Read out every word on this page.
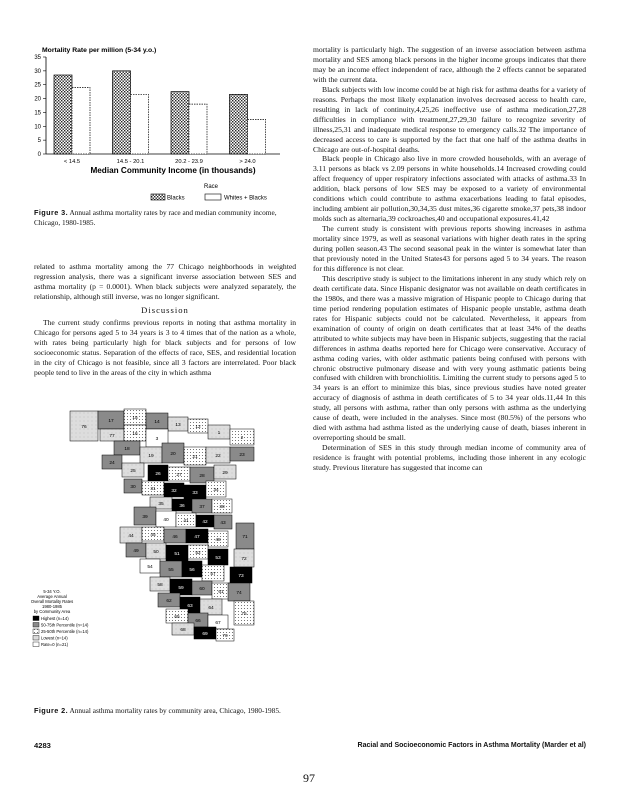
Mortality Rate per million (5-34 y.o.)
0
5
10
15
20
25
30
35
< 14.5	14.5 - 20.1	20.2 - 23.9	> 24.0
Median Community Income (in thousands)
Race
Blacks	Whites + Blacks
Figure 3. Annual asthma mortality rates by race and median community income, Chicago, 1980-1985.

related to asthma mortality among the 77 Chicago neighborhoods in weighted regression analysis, there was a significant inverse association between SES and asthma mortality (p = 0.0001). When black subjects were analyzed separately, the relationship, although still inverse, was no longer significant.

Discussion

The current study confirms previous reports in noting that asthma mortality in Chicago for persons aged 5 to 34 years is 3 to 4 times that of the nation as a whole, with rates being particularly high for black subjects and for persons of low socioeconomic status. Separation of the effects of race, SES, and residential location in the city of Chicago is not feasible, since all 3 factors are interrelated. Poor black people tend to live in the areas of the city in which asthma

76
17
15
14
13	12
1
2
77	16
3
18
19	20
21	22	23
24
25
26	27	28
29
30	31	32	33
34
35	36	37	38
39
40	41	42	43
44	45	46	47
48
49	50	51	52
53
54
55	56
57
58
59	60
61
62
63	64
65
66	67
68
69	70
71
72
73
74
75
5-34 Y.O.
Average Annual
Overall Mortality Rates
1980-1985
by Community Area
Highest (n=14)
50-75th Percentile (n=14)
25-50th Percentile (n=14)
Lowest (n=14)
Rate=0 (n=21)
Figure 2. Annual asthma mortality rates by community area, Chicago, 1980-1985.

mortality is particularly high. The suggestion of an inverse association between asthma mortality and SES among black persons in the higher income groups indicates that there may be an income effect independent of race, although the 2 effects cannot be separated with the current data.

Black subjects with low income could be at high risk for asthma deaths for a variety of reasons. Perhaps the most likely explanation involves decreased access to health care, resulting in lack of continuity,4,25,26 ineffective use of asthma medication,27,28 difficulties in compliance with treatment,27,29,30 failure to recognize severity of illness,25,31 and inadequate medical response to emergency calls.32 The importance of decreased access to care is supported by the fact that one half of the asthma deaths in Chicago are out-of-hospital deaths.

Black people in Chicago also live in more crowded households, with an average of 3.11 persons as black vs 2.09 persons in white households.14 Increased crowding could affect frequency of upper respiratory infections associated with attacks of asthma.33 In addition, black persons of low SES may be exposed to a variety of environmental conditions which could contribute to asthma exacerbations leading to fatal episodes, including ambient air pollution,30,34,35 dust mites,36 cigarette smoke,37 pets,38 indoor molds such as alternaria,39 cockroaches,40 and occupational exposures.41,42

The current study is consistent with previous reports showing increases in asthma mortality since 1979, as well as seasonal variations with higher death rates in the spring during pollen season.43 The second seasonal peak in the winter is somewhat later than that previously noted in the United States43 for persons aged 5 to 34 years. The reason for this difference is not clear.

This descriptive study is subject to the limitations inherent in any study which rely on death certificate data. Since Hispanic designator was not available on death certificates in the 1980s, and there was a massive migration of Hispanic people to Chicago during that time period rendering population estimates of Hispanic people unstable, asthma death rates for Hispanic subjects could not be calculated. Nevertheless, it appears from examination of county of origin on death certificates that at least 34% of the deaths attributed to white subjects may have been in Hispanic subjects, suggesting that the racial differences in asthma deaths reported here for Chicago were conservative. Accuracy of asthma coding varies, with older asthmatic patients being confused with persons with chronic obstructive pulmonary disease and with very young asthmatic patients being confused with children with bronchiolitis. Limiting the current study to persons aged 5 to 34 years is an effort to minimize this bias, since previous studies have noted greater accuracy of diagnosis of asthma in death certificates of 5 to 34 year olds.11,44 In this study, all persons with asthma, rather than only persons with asthma as the underlying cause of death, were included in the analyses. Since most (80.5%) of the persons who died with asthma had asthma listed as the underlying cause of death, biases inherent in overreporting should be small.

Determination of SES in this study through median income of community area of residence is fraught with potential problems, including those inherent in any ecologic study. Previous literature has suggested that income can

4283	Racial and Socioeconomic Factors in Asthma Mortality (Marder et al)
97
